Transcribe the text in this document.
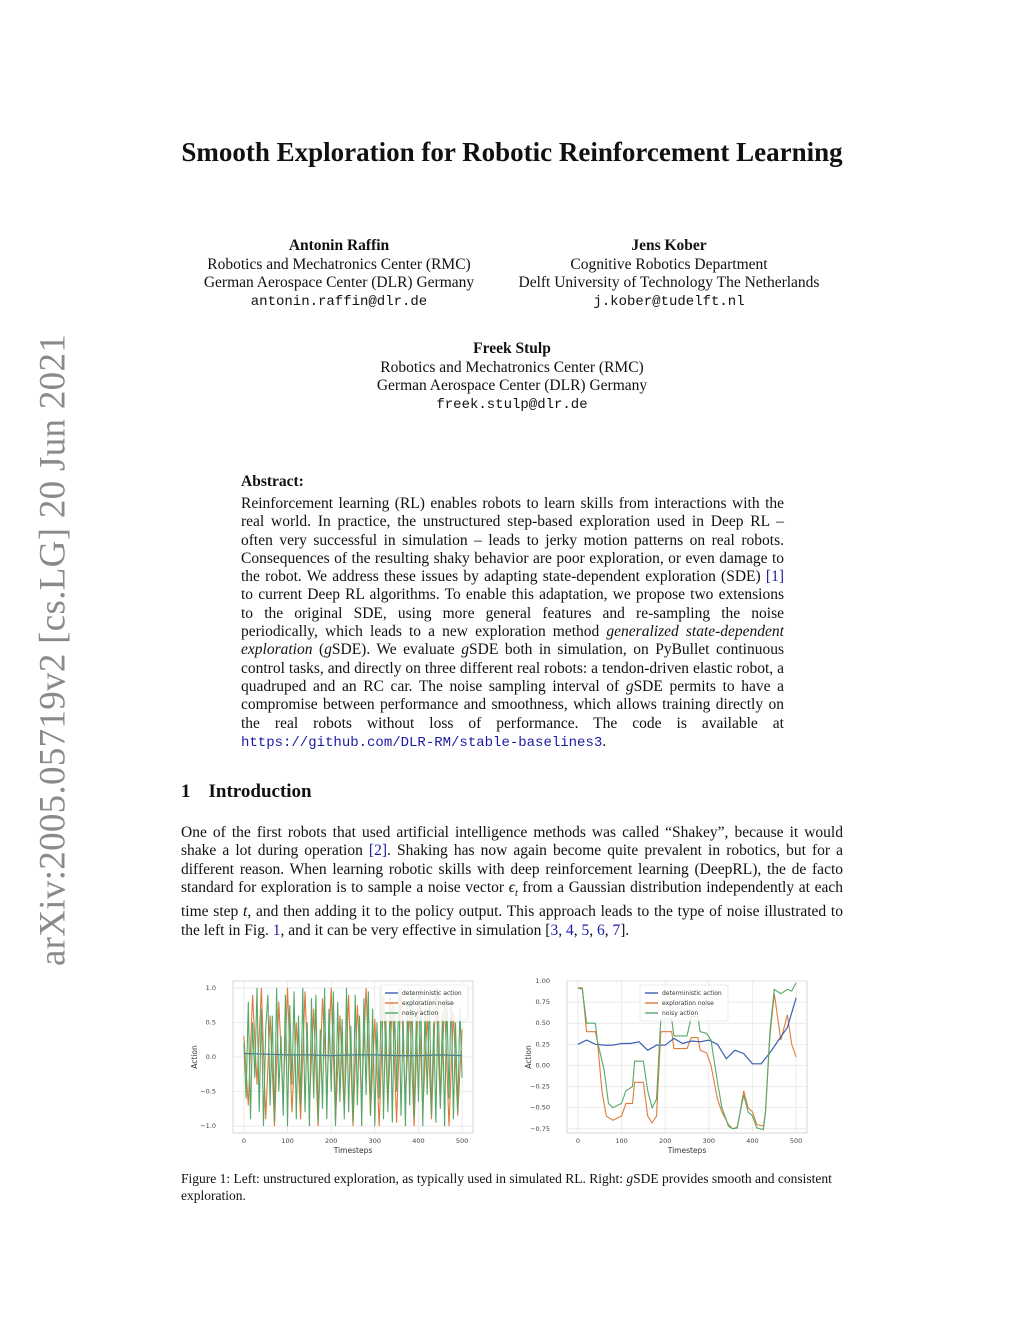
arXiv:2005.05719v2 [cs.LG] 20 Jun 2021
Smooth Exploration for Robotic Reinforcement Learning
Antonin Raffin
Robotics and Mechatronics Center (RMC)
German Aerospace Center (DLR) Germany
antonin.raffin@dlr.de
Jens Kober
Cognitive Robotics Department
Delft University of Technology The Netherlands
j.kober@tudelft.nl
Freek Stulp
Robotics and Mechatronics Center (RMC)
German Aerospace Center (DLR) Germany
freek.stulp@dlr.de
Abstract:
Reinforcement learning (RL) enables robots to learn skills from interactions with the real world. In practice, the unstructured step-based exploration used in Deep RL – often very successful in simulation – leads to jerky motion patterns on real robots. Consequences of the resulting shaky behavior are poor exploration, or even damage to the robot. We address these issues by adapting state-dependent exploration (SDE) [1] to current Deep RL algorithms. To enable this adaptation, we propose two extensions to the original SDE, using more general features and re-sampling the noise periodically, which leads to a new exploration method generalized state-dependent exploration (gSDE). We evaluate gSDE both in simulation, on PyBullet continuous control tasks, and directly on three different real robots: a tendon-driven elastic robot, a quadruped and an RC car. The noise sampling interval of gSDE permits to have a compromise between performance and smoothness, which allows training directly on the real robots without loss of performance. The code is available at https://github.com/DLR-RM/stable-baselines3.
1 Introduction
One of the first robots that used artificial intelligence methods was called “Shakey”, because it would shake a lot during operation [2]. Shaking has now again become quite prevalent in robotics, but for a different reason. When learning robotic skills with deep reinforcement learning (DeepRL), the de facto standard for exploration is to sample a noise vector $\epsilon_t$ from a Gaussian distribution independently at each time step t, and then adding it to the policy output. This approach leads to the type of noise illustrated to the left in Fig. 1, and it can be very effective in simulation [3, 4, 5, 6, 7].
0	100	200	300	400	500
−1.0
−0.5
0.0
0.5
1.0
Timesteps
Action
deterministic action
exploration noise
noisy action
0	100	200	300	400	500
−0.75
−0.50
−0.25
0.00
0.25
0.50
0.75
1.00
Timesteps
Action
deterministic action
exploration noise
noisy action
Figure 1: Left: unstructured exploration, as typically used in simulated RL. Right: gSDE provides smooth and consistent exploration.
